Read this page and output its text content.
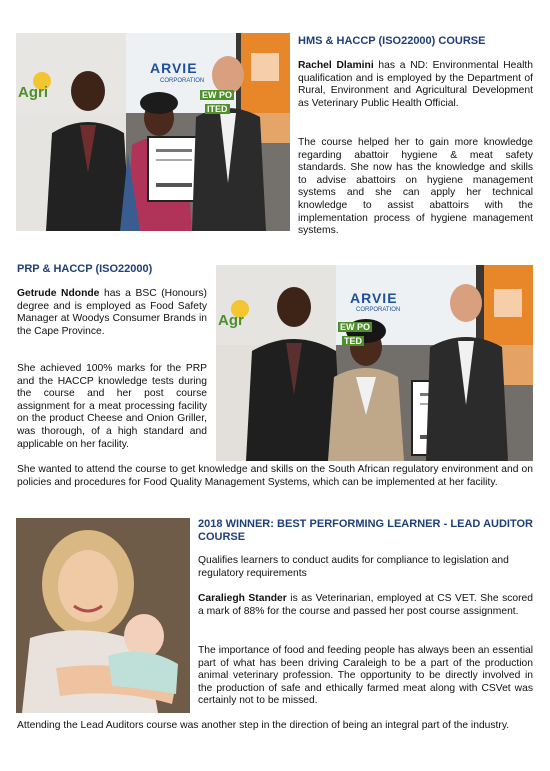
Agri
ARVIE
CORPORATION
EW PO
ITED
HMS & HACCP (ISO22000) COURSE

Rachel Dlamini has a ND: Environmental Health qualification and is employed by the Department of Rural, Environment and Agricultural Development as Veterinary Public Health Official.

The course helped her to gain more knowledge regarding abattoir hygiene & meat safety standards. She now has the knowledge and skills to advise abattoirs on hygiene management systems and she can apply her technical knowledge to assist abattoirs with the implementation process of hygiene management systems.

PRP & HACCP (ISO22000)

Getrude Ndonde has a BSC (Honours) degree and is employed as Food Safety Manager at Woodys Consumer Brands in the Cape Province.

She achieved 100% marks for the PRP and the HACCP knowledge tests during the course and her post course assignment for a meat processing facility on the product Cheese and Onion Griller, was thorough, of a high standard and applicable on her facility.

Agr
ARVIE
CORPORATION
EW PO
TED

She wanted to attend the course to get knowledge and skills on the South African regulatory environment and on policies and procedures for Food Quality Management Systems, which can be implemented at her facility.

2018 WINNER: BEST PERFORMING LEARNER - LEAD AUDITOR COURSE

Qualifies learners to conduct audits for compliance to legislation and regulatory requirements

Caraliegh Stander is as Veterinarian, employed at CS VET. She scored a mark of 88% for the course and passed her post course assignment.

The importance of food and feeding people has always been an essential part of what has been driving Caraleigh to be a part of the production animal veterinary profession. The opportunity to be directly involved in the production of safe and ethically farmed meat along with CSVet was certainly not to be missed.

Attending the Lead Auditors course was another step in the direction of being an integral part of the industry.
